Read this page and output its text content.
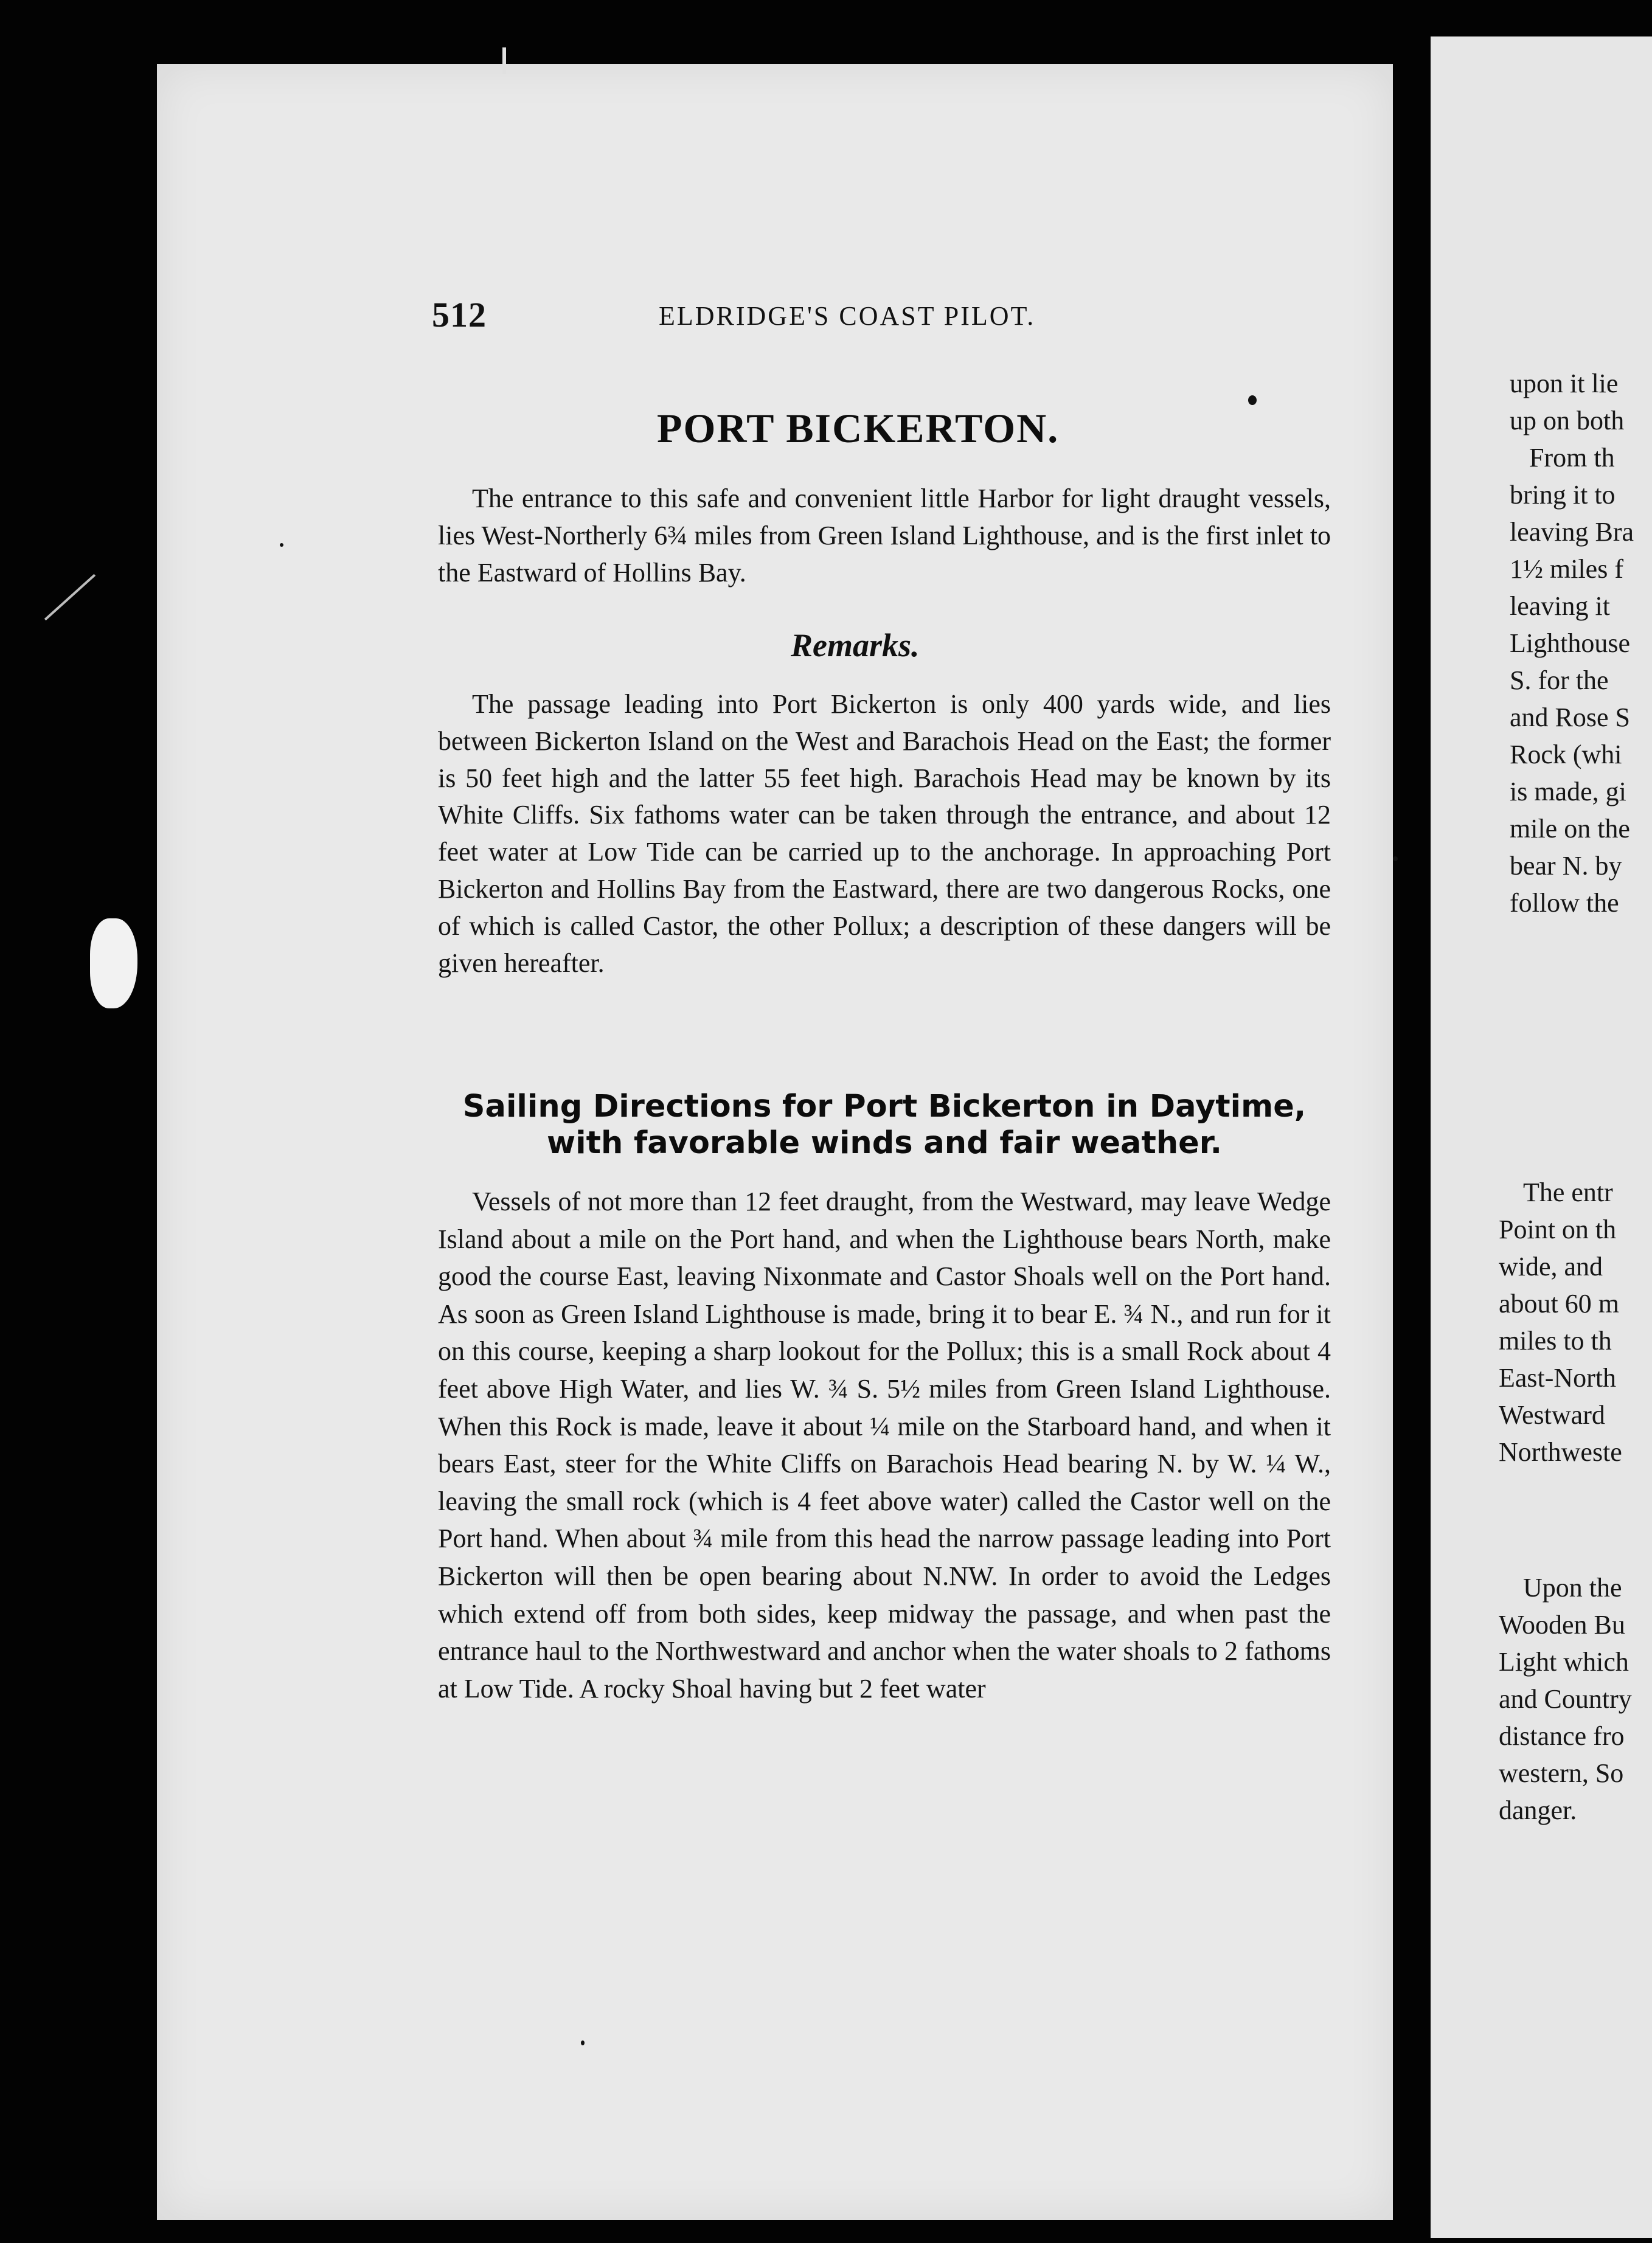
upon it lie
up on both
From th
bring it to
leaving Bra
1½ miles f
leaving it
Lighthouse
S. for the
and Rose S
Rock (whi
is made, gi
mile on the
bear N. by
follow the
The entr
Point on th
wide, and
about 60 m
miles to th
East-North
Westward
Northweste
Upon the
Wooden Bu
Light which
and Country
distance fro
western, So
danger.
512	ELDRIDGE'S COAST PILOT.
PORT BICKERTON.

The entrance to this safe and convenient little Harbor for light draught vessels, lies West-Northerly 6¾ miles from Green Island Lighthouse, and is the first inlet to the Eastward of Hollins Bay.

Remarks.

The passage leading into Port Bickerton is only 400 yards wide, and lies between Bickerton Island on the West and Barachois Head on the East; the former is 50 feet high and the latter 55 feet high. Barachois Head may be known by its White Cliffs. Six fathoms water can be taken through the entrance, and about 12 feet water at Low Tide can be carried up to the anchorage. In approaching Port Bickerton and Hollins Bay from the Eastward, there are two dangerous Rocks, one of which is called Castor, the other Pollux; a description of these dangers will be given hereafter.

Sailing Directions for Port Bickerton in Daytime,
with favorable winds and fair weather.

Vessels of not more than 12 feet draught, from the Westward, may leave Wedge Island about a mile on the Port hand, and when the Lighthouse bears North, make good the course East, leaving Nixonmate and Castor Shoals well on the Port hand. As soon as Green Island Lighthouse is made, bring it to bear E. ¾ N., and run for it on this course, keeping a sharp lookout for the Pollux; this is a small Rock about 4 feet above High Water, and lies W. ¾ S. 5½ miles from Green Island Lighthouse. When this Rock is made, leave it about ¼ mile on the Starboard hand, and when it bears East, steer for the White Cliffs on Barachois Head bearing N. by W. ¼ W., leaving the small rock (which is 4 feet above water) called the Castor well on the Port hand. When about ¾ mile from this head the narrow passage leading into Port Bickerton will then be open bearing about N.NW. In order to avoid the Ledges which extend off from both sides, keep midway the passage, and when past the entrance haul to the Northwestward and anchor when the water shoals to 2 fathoms at Low Tide. A rocky Shoal having but 2 feet water
